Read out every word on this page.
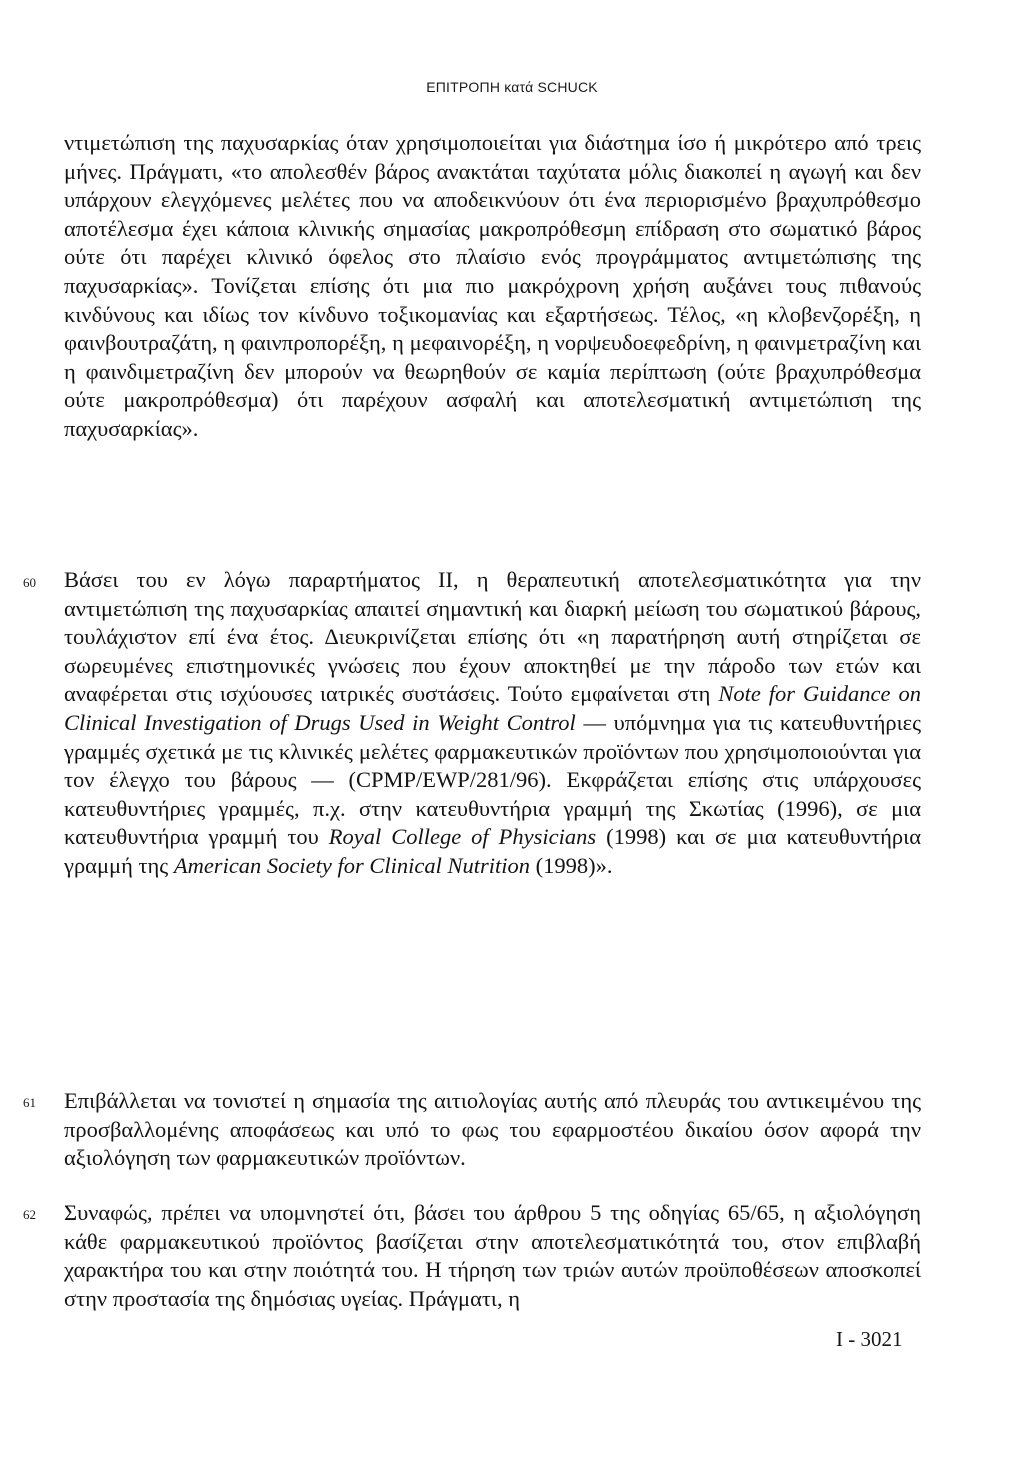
ΕΠΙΤΡΟΠΗ κατά SCHUCK

ντιμετώπιση της παχυσαρκίας όταν χρησιμοποιείται για διάστημα ίσο ή μικρότερο από τρεις μήνες. Πράγματι, «το απολεσθέν βάρος ανακτάται ταχύτατα μόλις διακοπεί η αγωγή και δεν υπάρχουν ελεγχόμενες μελέτες που να αποδεικνύουν ότι ένα περιορισμένο βραχυπρόθεσμο αποτέλεσμα έχει κάποια κλινικής σημασίας μακροπρόθεσμη επίδραση στο σωματικό βάρος ούτε ότι παρέχει κλινικό όφελος στο πλαίσιο ενός προγράμματος αντιμετώπισης της παχυσαρκίας». Τονίζεται επίσης ότι μια πιο μακρόχρονη χρήση αυξάνει τους πιθανούς κινδύνους και ιδίως τον κίνδυνο τοξικομανίας και εξαρτήσεως. Τέλος, «η κλοβενζορέξη, η φαινβουτραζάτη, η φαινπροπορέξη, η μεφαινορέξη, η νορψευδοεφεδρίνη, η φαινμετραζίνη και η φαινδιμετραζίνη δεν μπορούν να θεωρηθούν σε καμία περίπτωση (ούτε βραχυπρόθεσμα ούτε μακροπρόθεσμα) ότι παρέχουν ασφαλή και αποτελεσματική αντιμετώπιση της παχυσαρκίας».

60 Βάσει του εν λόγω παραρτήματος II, η θεραπευτική αποτελεσματικότητα για την αντιμετώπιση της παχυσαρκίας απαιτεί σημαντική και διαρκή μείωση του σωματικού βάρους, τουλάχιστον επί ένα έτος. Διευκρινίζεται επίσης ότι «η παρατήρηση αυτή στηρίζεται σε σωρευμένες επιστημονικές γνώσεις που έχουν αποκτηθεί με την πάροδο των ετών και αναφέρεται στις ισχύουσες ιατρικές συστάσεις. Τούτο εμφαίνεται στη Note for Guidance on Clinical Investigation of Drugs Used in Weight Control — υπόμνημα για τις κατευθυντήριες γραμμές σχετικά με τις κλινικές μελέτες φαρμακευτικών προϊόντων που χρησιμοποιούνται για τον έλεγχο του βάρους — (CPMP/EWP/281/96). Εκφράζεται επίσης στις υπάρχουσες κατευθυντήριες γραμμές, π.χ. στην κατευθυντήρια γραμμή της Σκωτίας (1996), σε μια κατευθυντήρια γραμμή του Royal College of Physicians (1998) και σε μια κατευθυντήρια γραμμή της American Society for Clinical Nutrition (1998)».

61 Επιβάλλεται να τονιστεί η σημασία της αιτιολογίας αυτής από πλευράς του αντικειμένου της προσβαλλομένης αποφάσεως και υπό το φως του εφαρμοστέου δικαίου όσον αφορά την αξιολόγηση των φαρμακευτικών προϊόντων.

62 Συναφώς, πρέπει να υπομνηστεί ότι, βάσει του άρθρου 5 της οδηγίας 65/65, η αξιολόγηση κάθε φαρμακευτικού προϊόντος βασίζεται στην αποτελεσματικότητά του, στον επιβλαβή χαρακτήρα του και στην ποιότητά του. Η τήρηση των τριών αυτών προϋποθέσεων αποσκοπεί στην προστασία της δημόσιας υγείας. Πράγματι, η

I - 3021
